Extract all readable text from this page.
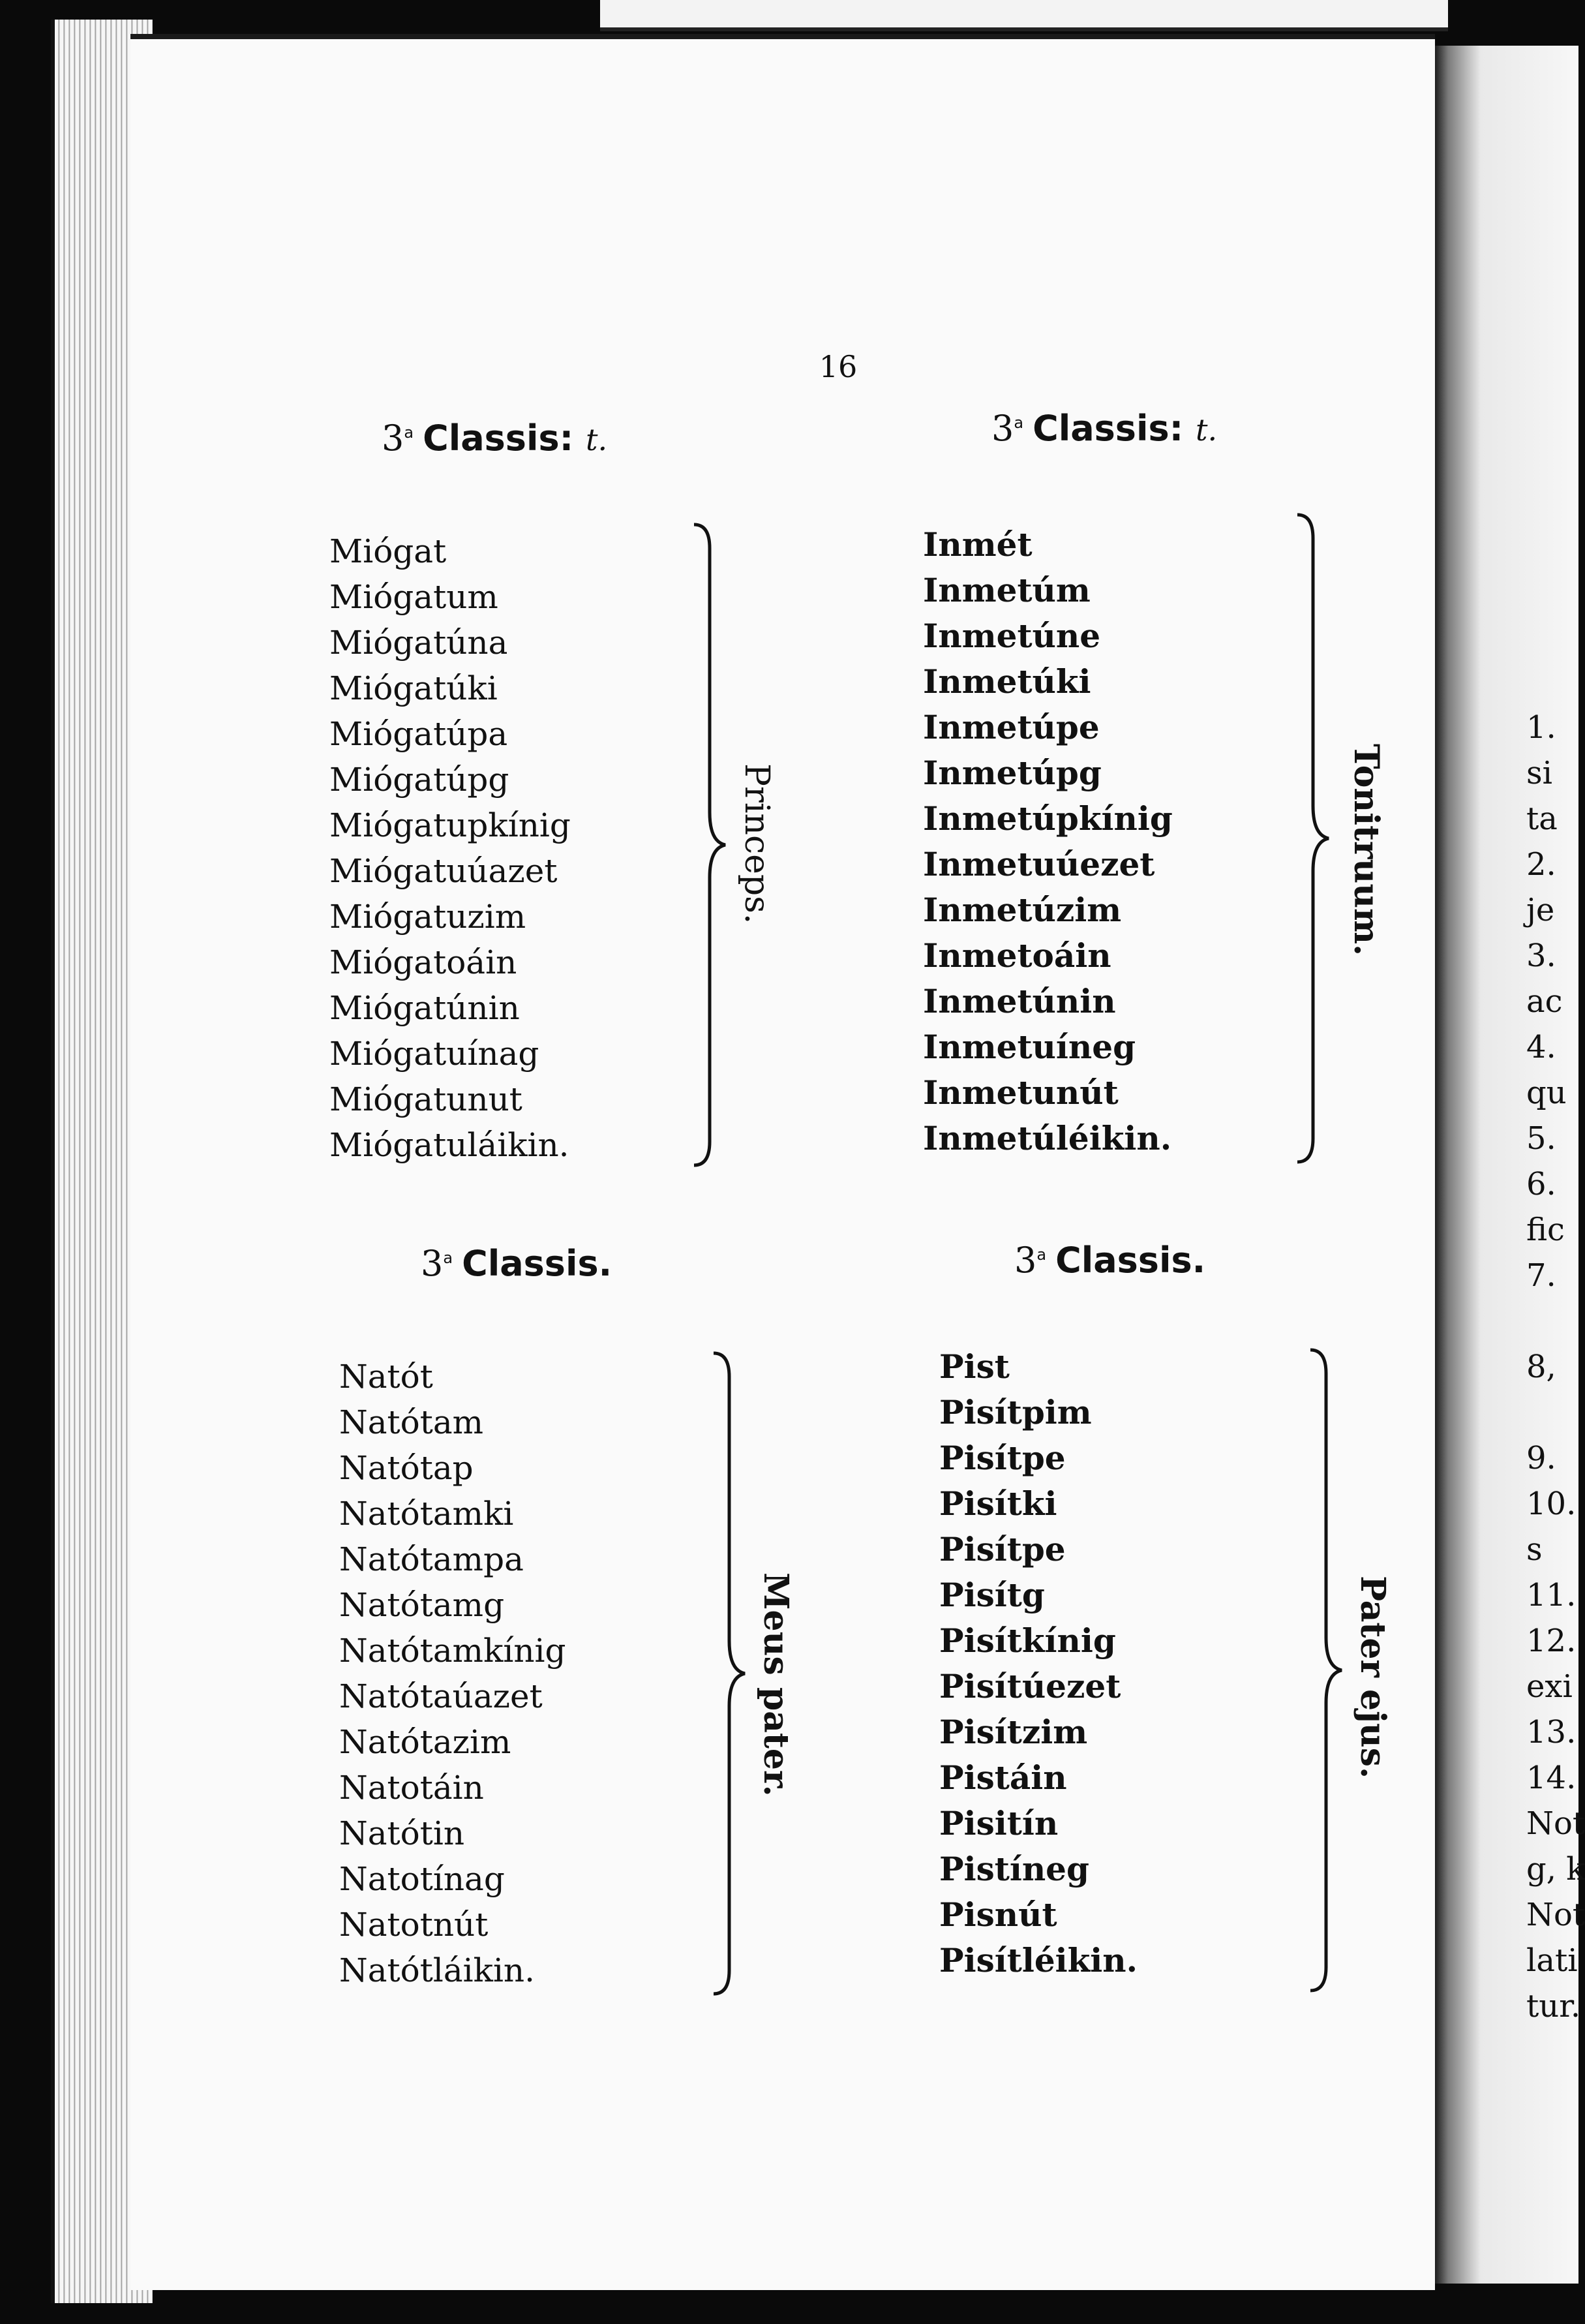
16
3$^a$ Classis: t.
Miógat
Miógatum
Miógatúna
Miógatúki
Miógatúpa
Miógatúpg
Miógatupkínig
Miógatuúazet
Miógatuzim
Miógatoáin
Miógatúnin
Miógatuínag
Miógatunut
Miógatuláikin.
Princeps.
3$^a$ Classis: t.
Inmét
Inmetúm
Inmetúne
Inmetúki
Inmetúpe
Inmetúpg
Inmetúpkínig
Inmetuúezet
Inmetúzim
Inmetoáin
Inmetúnin
Inmetuíneg
Inmetunút
Inmetúléikin.
Tonitruum.
3$^a$ Classis.
Natót
Natótam
Natótap
Natótamki
Natótampa
Natótamg
Natótamkínig
Natótaúazet
Natótazim
Natotáin
Natótin
Natotínag
Natotnút
Natótláikin.
Meus pater.
3$^a$ Classis.
Pist
Pisítpim
Pisítpe
Pisítki
Pisítpe
Pisítg
Pisítkínig
Pisítúezet
Pisítzim
Pistáin
Pisitín
Pistíneg
Pisnút
Pisítléikin.
Pater ejus.
1.
si
ta
2.
je
3.
ac
4.
qu
5.
6.
fic
7.
8,
9.
10.
s
11.
12.
exi
13.
14.
Not
g, k
Not
lati
tur.
